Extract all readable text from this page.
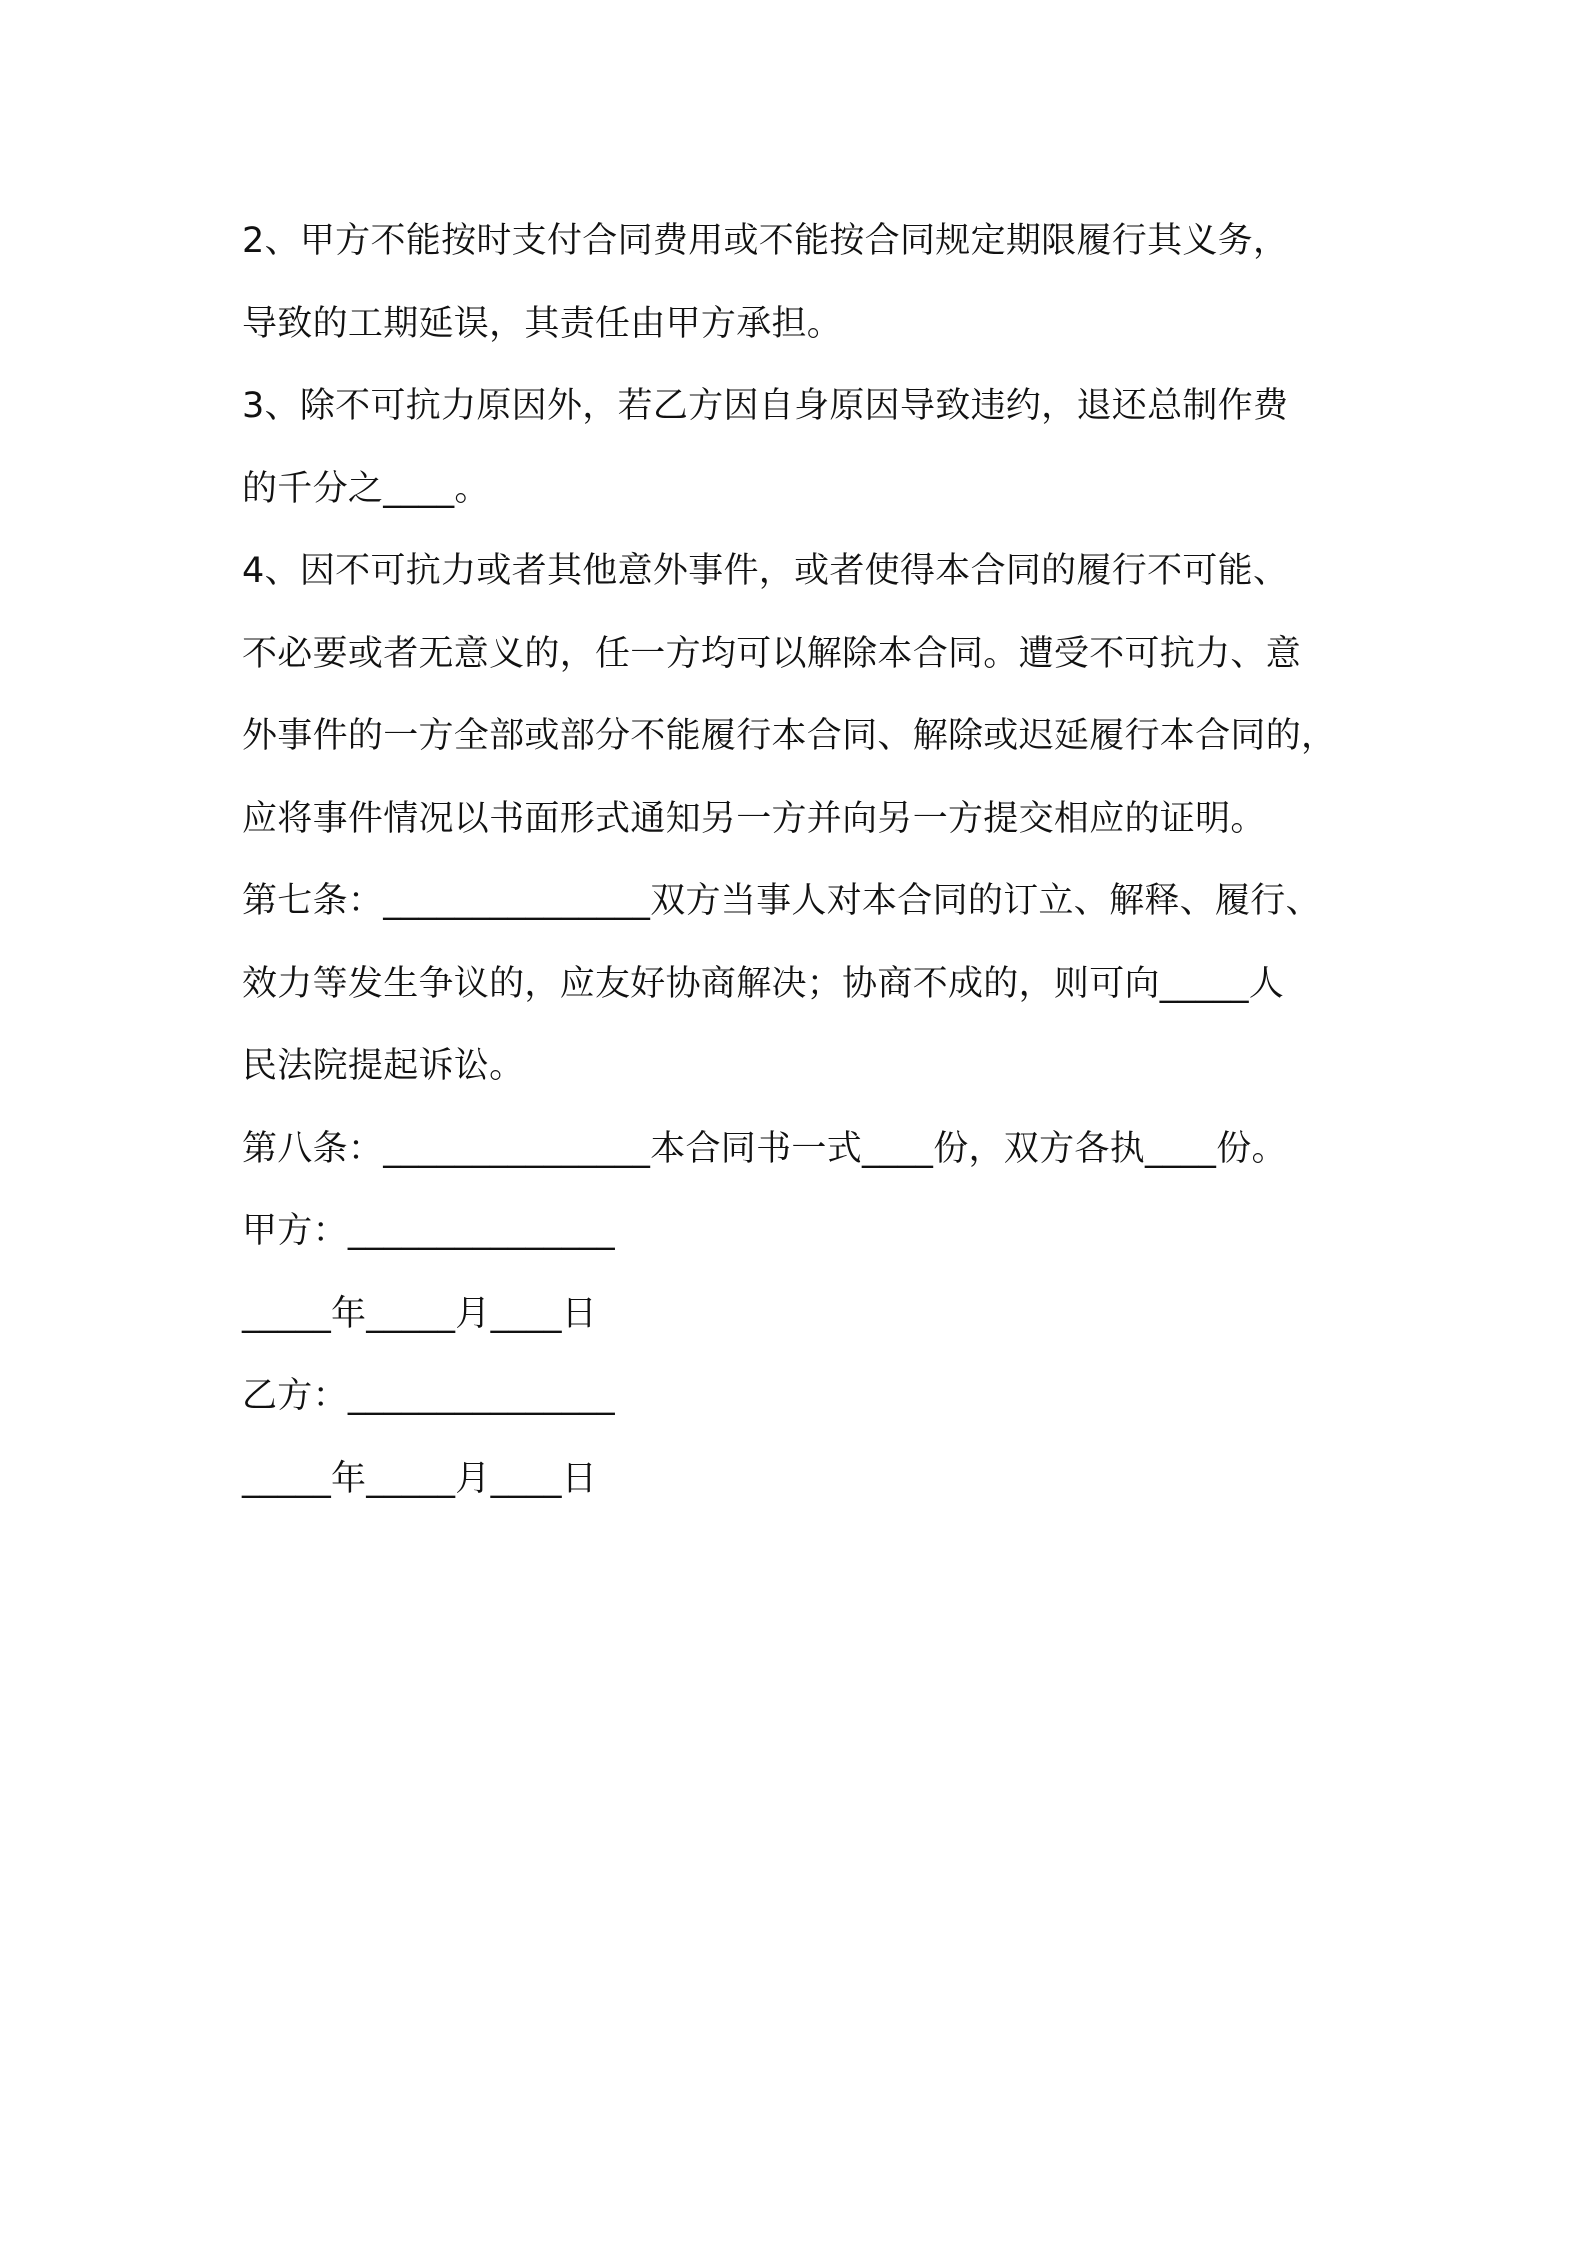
2、甲方不能按时支付合同费用或不能按合同规定期限履行其义务，
导致的工期延误，其责任由甲方承担。
3、除不可抗力原因外，若乙方因自身原因导致违约，退还总制作费
的千分之____。
4、因不可抗力或者其他意外事件，或者使得本合同的履行不可能、
不必要或者无意义的，任一方均可以解除本合同。遭受不可抗力、意
外事件的一方全部或部分不能履行本合同、解除或迟延履行本合同的，
应将事件情况以书面形式通知另一方并向另一方提交相应的证明。
第七条：_______________双方当事人对本合同的订立、解释、履行、
效力等发生争议的，应友好协商解决；协商不成的，则可向_____人
民法院提起诉讼。
第八条：_______________本合同书一式____份，双方各执____份。
甲方：_______________
_____年_____月____日
乙方：_______________
_____年_____月____日
